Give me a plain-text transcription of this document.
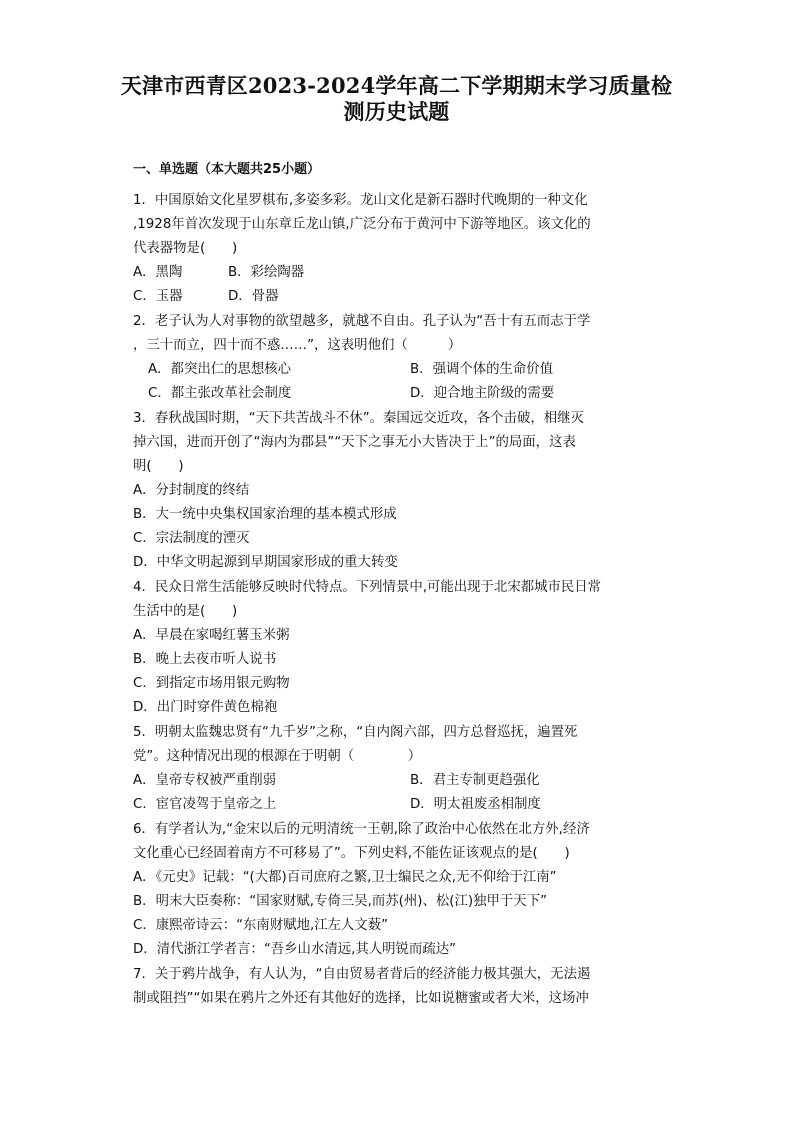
天津市西青区2023-2024学年高二下学期期末学习质量检
测历史试题
一、单选题（本大题共25小题）
1．中国原始文化星罗棋布,多姿多彩。龙山文化是新石器时代晚期的一种文化
,1928年首次发现于山东章丘龙山镇,广泛分布于黄河中下游等地区。该文化的
代表器物是(　　)
A．黑陶	B．彩绘陶器
C．玉器	D．骨器
2．老子认为人对事物的欲望越多，就越不自由。孔子认为“吾十有五而志于学
，三十而立，四十而不惑……”，这表明他们（　　　）
A．都突出仁的思想核心	B．强调个体的生命价值
C．都主张改革社会制度	D．迎合地主阶级的需要
3．春秋战国时期，“天下共苦战斗不休”。秦国远交近攻，各个击破，相继灭
掉六国，进而开创了“海内为郡县”“天下之事无小大皆决于上”的局面，这表
明(　　)
A．分封制度的终结
B．大一统中央集权国家治理的基本模式形成
C．宗法制度的湮灭
D．中华文明起源到早期国家形成的重大转变
4．民众日常生活能够反映时代特点。下列情景中,可能出现于北宋都城市民日常
生活中的是(　　)
A．早晨在家喝红薯玉米粥
B．晚上去夜市听人说书
C．到指定市场用银元购物
D．出门时穿件黄色棉袍
5．明朝太监魏忠贤有“九千岁”之称，“自内阁六部，四方总督巡抚，遍置死
党”。这种情况出现的根源在于明朝（　　　　）
A．皇帝专权被严重削弱	B．君主专制更趋强化
C．宦官凌驾于皇帝之上	D．明太祖废丞相制度
6．有学者认为,“金宋以后的元明清统一王朝,除了政治中心依然在北方外,经济
文化重心已经固着南方不可移易了”。下列史料,不能佐证该观点的是(　　)
A．《元史》记载：“(大都)百司庶府之繁,卫士编民之众,无不仰给于江南”
B．明末大臣奏称：“国家财赋,专倚三吴,而苏(州)、松(江)独甲于天下”
C．康熙帝诗云：“东南财赋地,江左人文薮”
D．清代浙江学者言：“吾乡山水清远,其人明锐而疏达”
7．关于鸦片战争，有人认为，“自由贸易者背后的经济能力极其强大，无法遏
制或阻挡”“如果在鸦片之外还有其他好的选择，比如说糖蜜或者大米，这场冲
